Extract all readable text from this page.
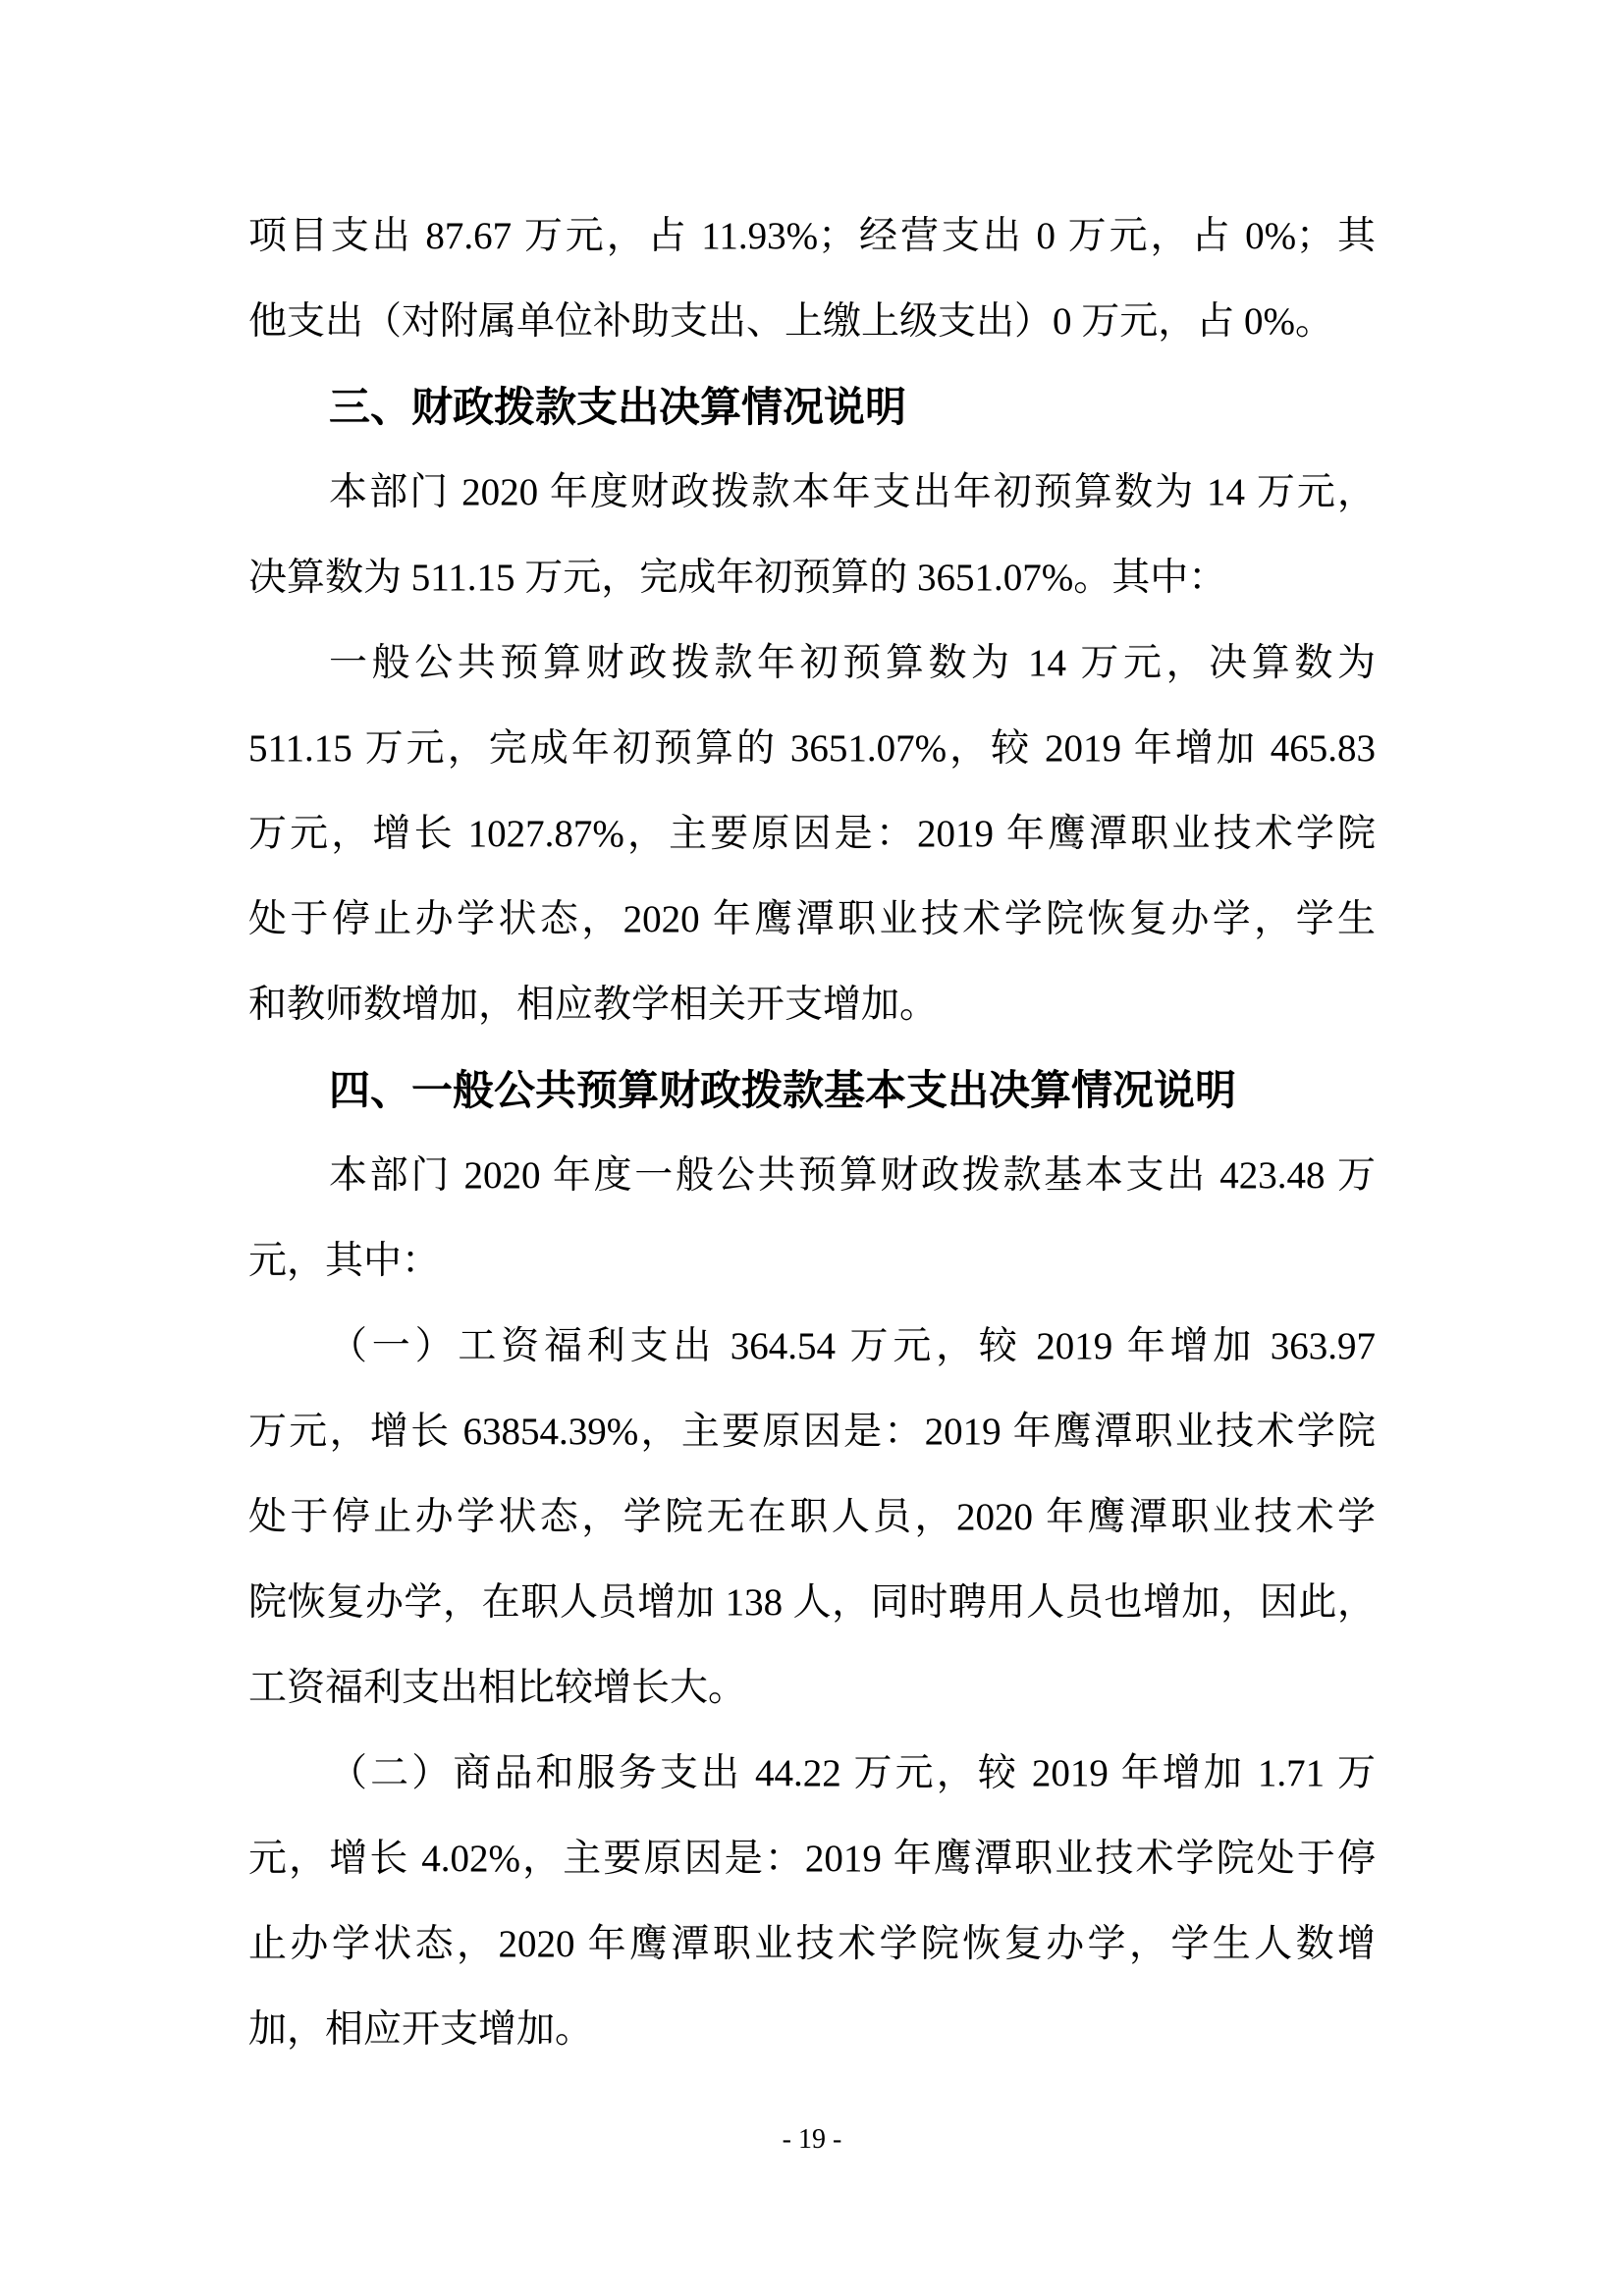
项目支出 87.67 万元，占 11.93%；经营支出 0 万元，占 0%；其
他支出（对附属单位补助支出、上缴上级支出）0 万元，占 0%。
三、财政拨款支出决算情况说明
本部门 2020 年度财政拨款本年支出年初预算数为 14 万元，
决算数为 511.15 万元，完成年初预算的 3651.07%。其中：
一般公共预算财政拨款年初预算数为 14 万元，决算数为
511.15 万元，完成年初预算的 3651.07%，较 2019 年增加 465.83
万元，增长 1027.87%，主要原因是：2019 年鹰潭职业技术学院
处于停止办学状态，2020 年鹰潭职业技术学院恢复办学，学生
和教师数增加，相应教学相关开支增加。
四、一般公共预算财政拨款基本支出决算情况说明
本部门 2020 年度一般公共预算财政拨款基本支出 423.48 万
元，其中：
（一）工资福利支出 364.54 万元，较 2019 年增加 363.97
万元，增长 63854.39%，主要原因是：2019 年鹰潭职业技术学院
处于停止办学状态，学院无在职人员，2020 年鹰潭职业技术学
院恢复办学，在职人员增加 138 人，同时聘用人员也增加，因此，
工资福利支出相比较增长大。
（二）商品和服务支出 44.22 万元，较 2019 年增加 1.71 万
元，增长 4.02%，主要原因是：2019 年鹰潭职业技术学院处于停
止办学状态，2020 年鹰潭职业技术学院恢复办学，学生人数增
加，相应开支增加。
- 19 -
